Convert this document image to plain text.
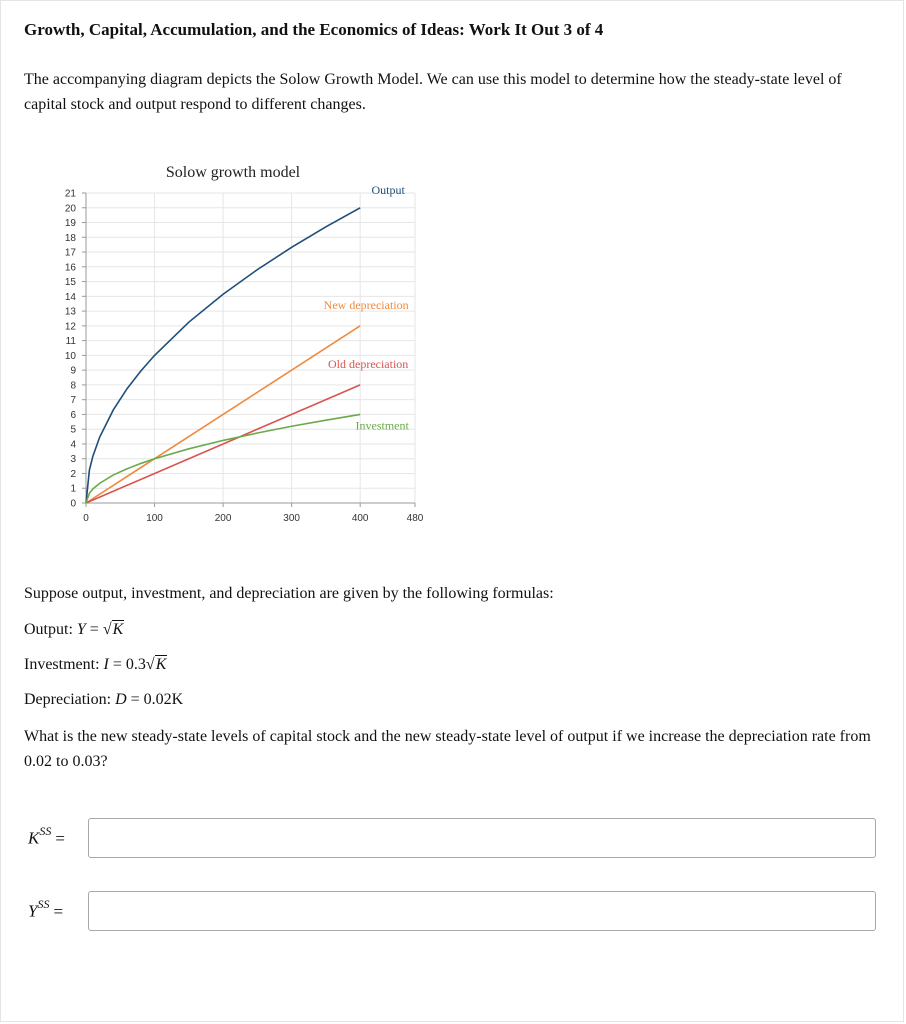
Growth, Capital, Accumulation, and the Economics of Ideas: Work It Out 3 of 4

The accompanying diagram depicts the Solow Growth Model. We can use this model to determine how the steady-state level of capital stock and output respond to different changes.

0
1
2
3
4
5
6
7
8
9
10
11
12
13
14
15
16
17
18
19
20
21
0	100	200	300	400	480
Output
New depreciation
Old depreciation
Investment
Solow growth model

Suppose output, investment, and depreciation are given by the following formulas:

Output: Y = √K

Investment: I = 0.3√K

Depreciation: D = 0.02K

What is the new steady-state levels of capital stock and the new steady-state level of output if we increase the depreciation rate from 0.02 to 0.03?

$K^{SS}$ =
$Y^{SS}$ =
